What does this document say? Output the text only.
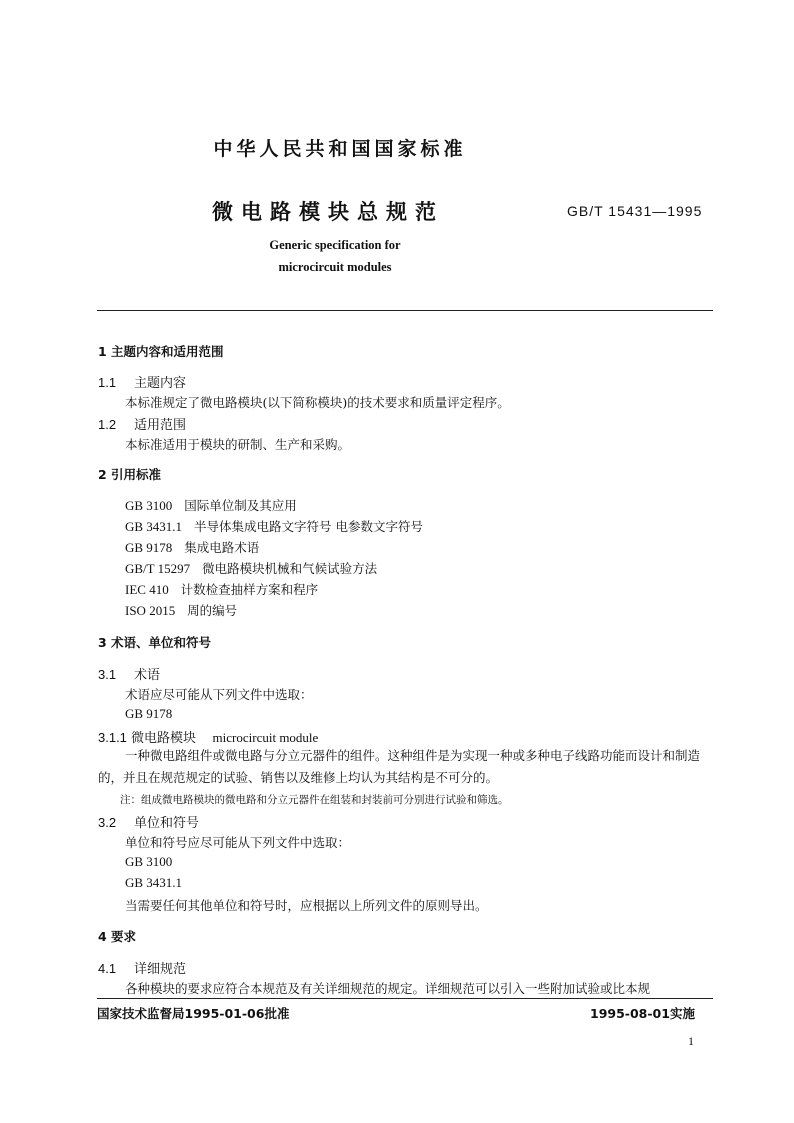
中华人民共和国国家标准
微电路模块总规范	GB/T 15431—1995
Generic specification for
microcircuit modules
1 主题内容和适用范围
1.1 主题内容
本标准规定了微电路模块(以下简称模块)的技术要求和质量评定程序。
1.2 适用范围
本标准适用于模块的研制、生产和采购。
2 引用标准
GB 3100 国际单位制及其应用
GB 3431.1 半导体集成电路文字符号 电参数文字符号
GB 9178 集成电路术语
GB/T 15297 微电路模块机械和气候试验方法
IEC 410 计数检查抽样方案和程序
ISO 2015 周的编号
3 术语、单位和符号
3.1 术语
术语应尽可能从下列文件中选取：
GB 9178
3.1.1 微电路模块 microcircuit module
一种微电路组件或微电路与分立元器件的组件。这种组件是为实现一种或多种电子线路功能而设计和制造的，并且在规范规定的试验、销售以及维修上均认为其结构是不可分的。
注：组成微电路模块的微电路和分立元器件在组装和封装前可分别进行试验和筛选。
3.2 单位和符号
单位和符号应尽可能从下列文件中选取：
GB 3100
GB 3431.1
当需要任何其他单位和符号时，应根据以上所列文件的原则导出。
4 要求
4.1 详细规范
各种模块的要求应符合本规范及有关详细规范的规定。详细规范可以引入一些附加试验或比本规
国家技术监督局1995-01-06批准	1995-08-01实施
1
